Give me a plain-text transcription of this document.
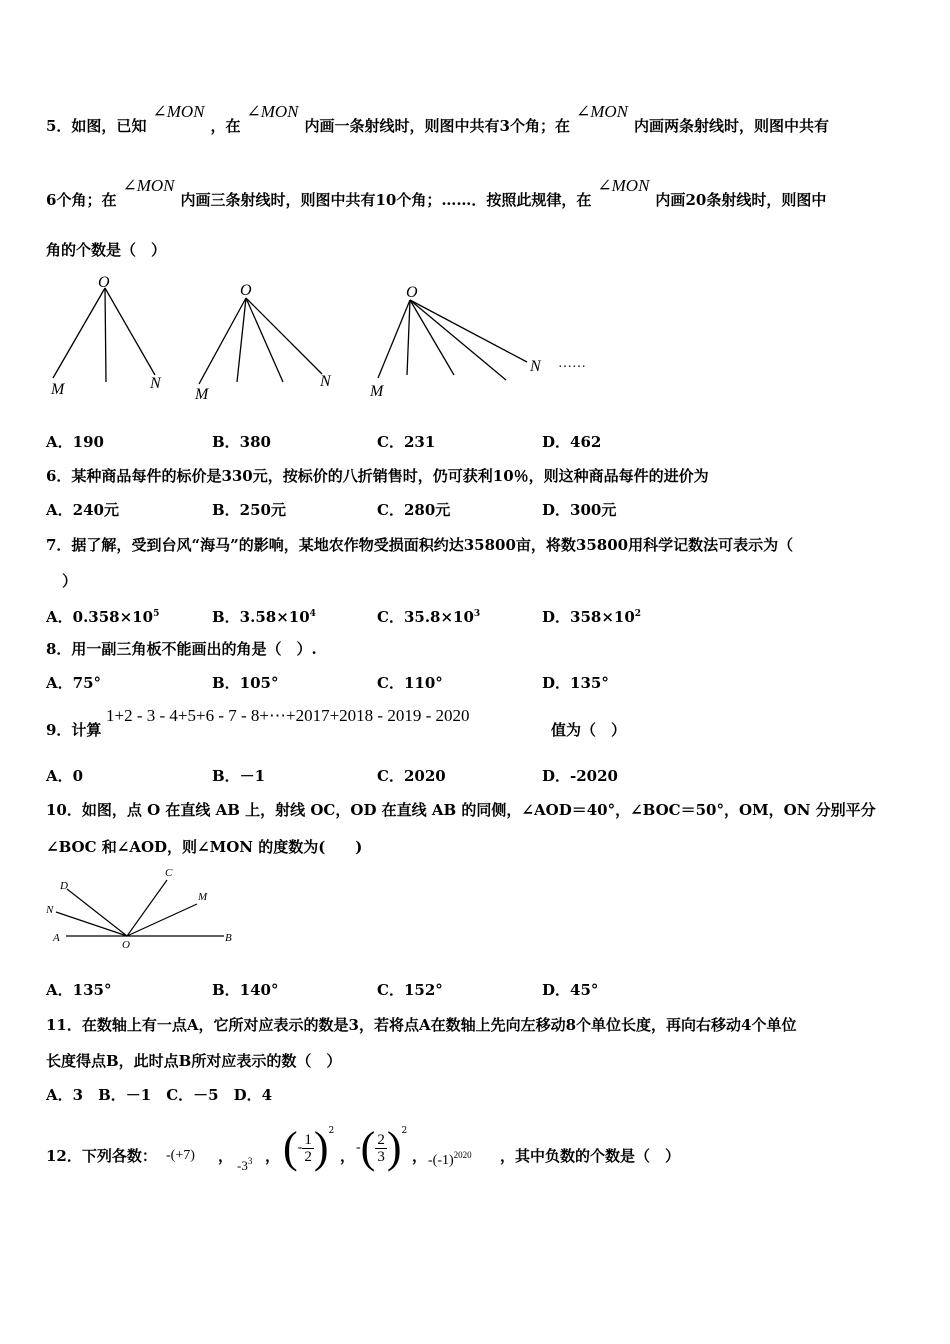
5．如图，已知∠MON，在∠MON内画一条射线时，则图中共有3个角；在∠MON内画两条射线时，则图中共有
6个角；在∠MON内画三条射线时，则图中共有10个角；……．按照此规律，在∠MON内画20条射线时，则图中
角的个数是（　）
O
M	N
O
M
N
O
M
N ……
A．190	B．380	C．231	D．462
6．某种商品每件的标价是330元，按标价的八折销售时，仍可获利10％，则这种商品每件的进价为
A．240元	B．250元	C．280元	D．300元
7．据了解，受到台风“海马”的影响，某地农作物受损面积约达35800亩，将数35800用科学记数法可表示为（
）
A．$0.358\times 10^5$	B．$3.58\times 10^4$	C．$35.8\times 10^3$	D．$358\times 10^2$
8．用一副三角板不能画出的角是（　）.
A．75°	B．105°	C．110°	D．135°
9．计算
1+2 - 3 - 4+5+6 - 7 - 8+⋯+2017+2018 - 2019 - 2020
值为（　）
A．0	B．－1	C．2020	D．-2020
10．如图，点 O 在直线 AB 上，射线 OC，OD 在直线 AB 的同侧，∠AOD＝40°，∠BOC＝50°，OM，ON 分别平分
∠BOC 和∠AOD，则∠MON 的度数为(　　)
D
C
N
M
A
O
B
A．135°	B．140°	C．152°	D．45°
11．在数轴上有一点A，它所对应表示的数是3，若将点A在数轴上先向左移动8个单位长度，再向右移动4个单位
长度得点B，此时点B所对应表示的数（　）
A．3　B．－1　C．－5　D．4
12．下列各数： -(+7) ，
$-3^3$ ， (- $\frac{1}{2} )^2$
， -( $\frac{2}{3} )^2$
， $-(-1)^{2020}$ ，其中负数的个数是（　）
